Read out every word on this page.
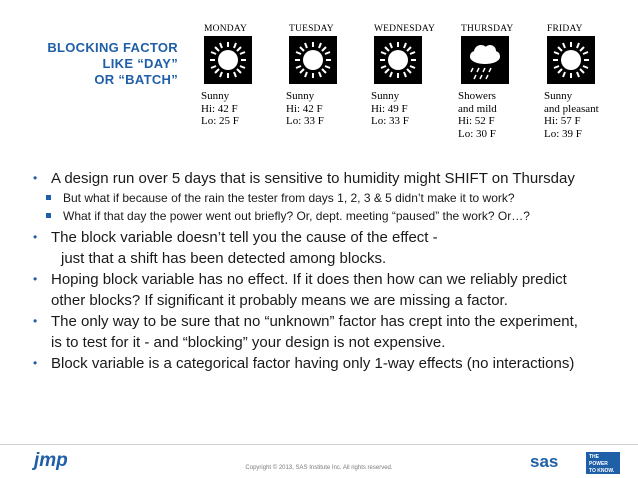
BLOCKING FACTOR
LIKE “DAY”
OR “BATCH”
MONDAY
Sunny
Hi: 42 F
Lo: 25 F
TUESDAY
Sunny
Hi: 42 F
Lo: 33 F
WEDNESDAY
Sunny
Hi: 49 F
Lo: 33 F
THURSDAY
Showers
and mild
Hi: 52 F
Lo: 30 F
FRIDAY
Sunny
and pleasant
Hi: 57 F
Lo: 39 F
• A design run over 5 days that is sensitive to humidity might SHIFT on Thursday
But what if because of the rain the tester from days 1, 2, 3 & 5 didn’t make it to work?
What if that day the power went out briefly? Or, dept. meeting “paused” the work? Or…?
• The block variable doesn’t tell you the cause of the effect -
just that a shift has been detected among blocks.
• Hoping block variable has no effect. If it does then how can we reliably predict
other blocks? If significant it probably means we are missing a factor.
• The only way to be sure that no “unknown” factor has crept into the experiment,
is to test for it - and “blocking” your design is not expensive.
• Block variable is a categorical factor having only 1-way effects (no interactions)
jmp	Copyright © 2013, SAS Institute Inc. All rights reserved.	sas	THE
POWER
TO KNOW.
